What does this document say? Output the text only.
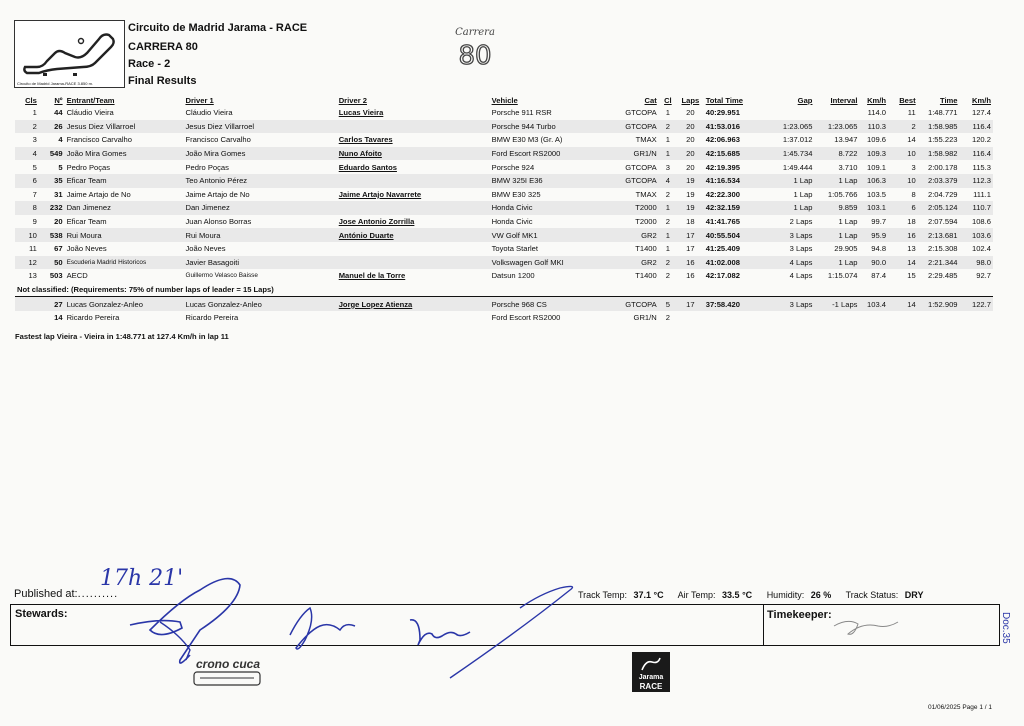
Circuito de Madrid Jarama-RACE 3.850 m.
Circuito de Madrid Jarama - RACE
CARRERA 80
Race - 2
Final Results
Carrera
80
Cls	Nº	Entrant/Team	Driver 1	Driver 2	Vehicle	Cat	Cl	Laps	Total Time	Gap	Interval	Km/h	Best	Time	Km/h
1	44	Cláudio Vieira	Cláudio Vieira	Lucas Vieira	Porsche 911 RSR	GTCOPA	1	20	40:29.951			114.0	11	1:48.771	127.4
2	26	Jesus Diez Villarroel	Jesus Diez Villarroel		Porsche 944 Turbo	GTCOPA	2	20	41:53.016	1:23.065	1:23.065	110.3	2	1:58.985	116.4
3	4	Francisco Carvalho	Francisco Carvalho	Carlos Tavares	BMW E30 M3 (Gr. A)	TMAX	1	20	42:06.963	1:37.012	13.947	109.6	14	1:55.223	120.2
4	549	João Mira Gomes	João Mira Gomes	Nuno Afoito	Ford Escort RS2000	GR1/N	1	20	42:15.685	1:45.734	8.722	109.3	10	1:58.982	116.4
5	5	Pedro Poças	Pedro Poças	Eduardo Santos	Porsche 924	GTCOPA	3	20	42:19.395	1:49.444	3.710	109.1	3	2:00.178	115.3
6	35	Eficar Team	Teo Antonio Pérez		BMW 325I E36	GTCOPA	4	19	41:16.534	1 Lap	1 Lap	106.3	10	2:03.379	112.3
7	31	Jaime Artajo de No	Jaime Artajo de No	Jaime Artajo Navarrete	BMW E30 325	TMAX	2	19	42:22.300	1 Lap	1:05.766	103.5	8	2:04.729	111.1
8	232	Dan Jimenez	Dan Jimenez		Honda Civic	T2000	1	19	42:32.159	1 Lap	9.859	103.1	6	2:05.124	110.7
9	20	Eficar Team	Juan Alonso Borras	Jose Antonio Zorrilla	Honda Civic	T2000	2	18	41:41.765	2 Laps	1 Lap	99.7	18	2:07.594	108.6
10	538	Rui Moura	Rui Moura	António Duarte	VW Golf MK1	GR2	1	17	40:55.504	3 Laps	1 Lap	95.9	16	2:13.681	103.6
11	67	João Neves	João Neves		Toyota Starlet	T1400	1	17	41:25.409	3 Laps	29.905	94.8	13	2:15.308	102.4
12	50	Escuderia Madrid Historicos	Javier Basagoiti		Volkswagen Golf MKI	GR2	2	16	41:02.008	4 Laps	1 Lap	90.0	14	2:21.344	98.0
13	503	AECD	Guillermo Velasco Baisse	Manuel de la Torre	Datsun 1200	T1400	2	16	42:17.082	4 Laps	1:15.074	87.4	15	2:29.485	92.7
Not classified: (Requirements: 75% of number laps of leader = 15 Laps)															
	27	Lucas Gonzalez-Anleo	Lucas Gonzalez-Anleo	Jorge Lopez Atienza	Porsche 968 CS	GTCOPA	5	17	37:58.420	3 Laps	-1 Laps	103.4	14	1:52.909	122.7
	14	Ricardo Pereira	Ricardo Pereira		Ford Escort RS2000	GR1/N	2								
Fastest lap Vieira - Vieira in 1:48.771 at 127.4 Km/h in lap 11
Published at:..........
17h 21'
Track Temp: 37.1 °C Air Temp: 33.5 °C Humidity: 26 % Track Status: DRY
Stewards:	Timekeeper:	Doc.35
crono cuca
Jarama
RACE
01/06/2025 Page 1 / 1
